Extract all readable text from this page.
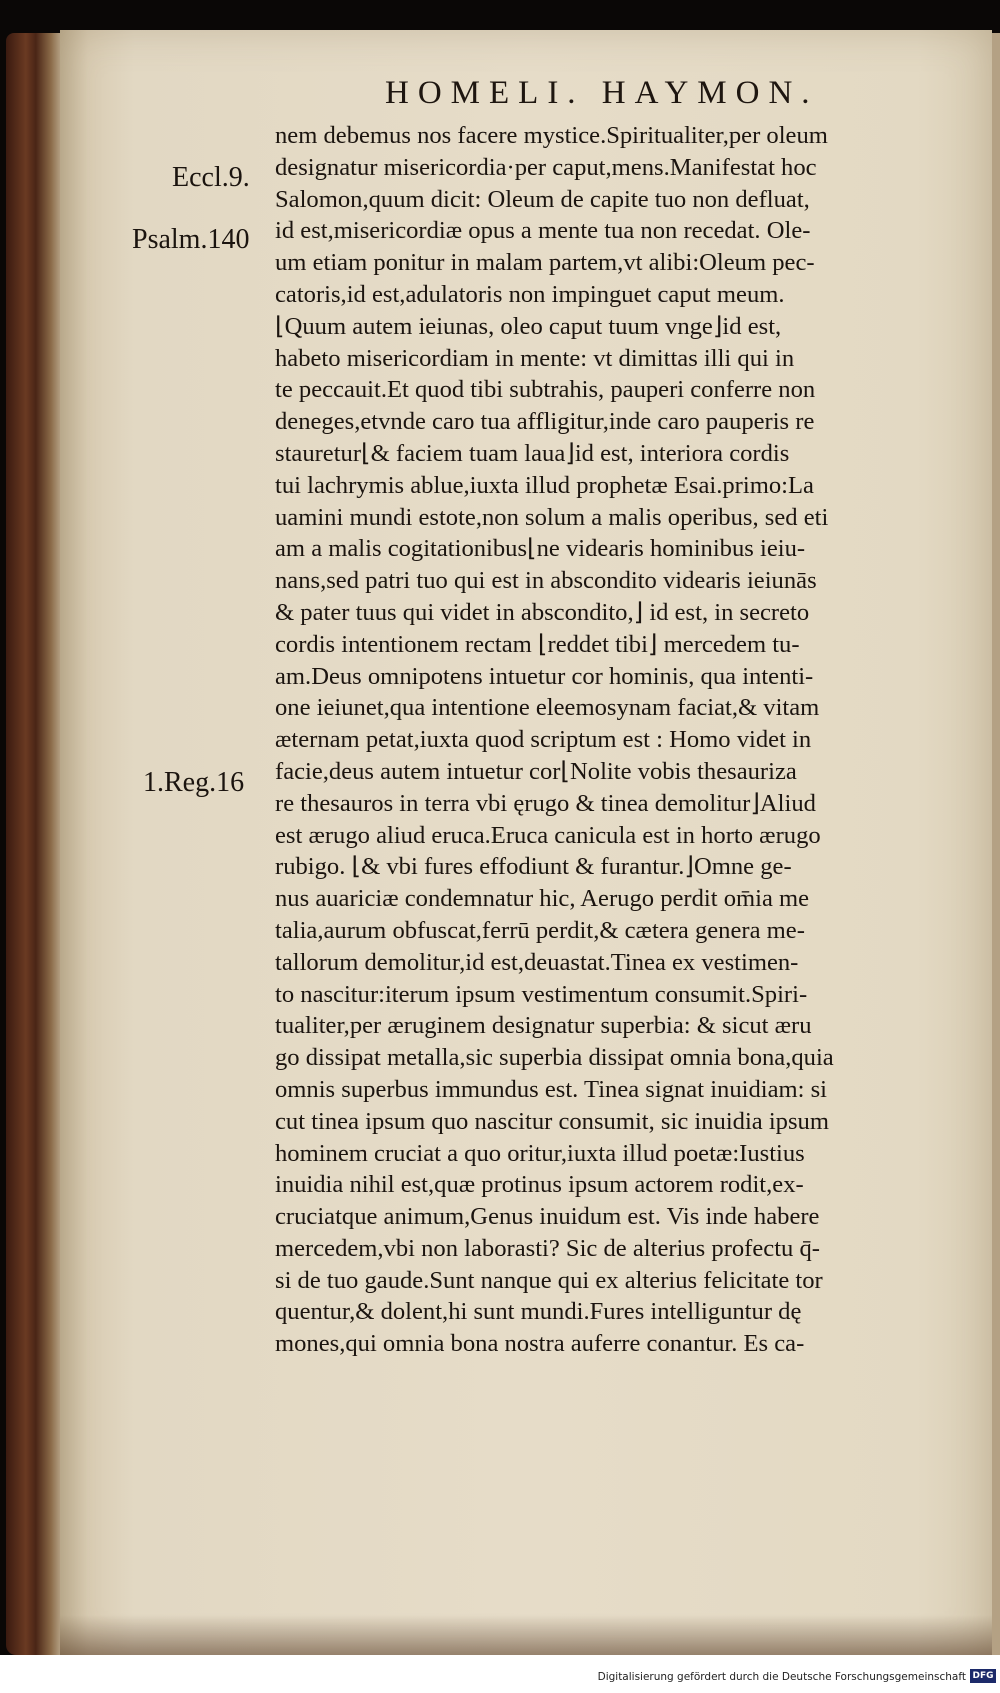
HOMELI. HAYMON.
Eccl.9.
Psalm.140
1.Reg.16
nem debemus nos facere mystice.Spiritualiter,per oleum
designatur misericordia·per caput,mens.Manifestat hoc
Salomon,quum dicit: Oleum de capite tuo non defluat,
id est,misericordiæ opus a mente tua non recedat. Ole-
um etiam ponitur in malam partem,vt alibi:Oleum pec-
catoris,id est,adulatoris non impinguet caput meum.
⌊Quum autem ieiunas, oleo caput tuum vnge⌋id est,
habeto misericordiam in mente: vt dimittas illi qui in
te peccauit.Et quod tibi subtrahis, pauperi conferre non
deneges,etvnde caro tua affligitur,inde caro pauperis re
stauretur⌊& faciem tuam laua⌋id est, interiora cordis
tui lachrymis ablue,iuxta illud prophetæ Esai.primo:La
uamini mundi estote,non solum a malis operibus, sed eti
am a malis cogitationibus⌊ne videaris hominibus ieiu-
nans,sed patri tuo qui est in abscondito videaris ieiunās
& pater tuus qui videt in abscondito,⌋ id est, in secreto
cordis intentionem rectam ⌊reddet tibi⌋ mercedem tu-
am.Deus omnipotens intuetur cor hominis, qua intenti-
one ieiunet,qua intentione eleemosynam faciat,& vitam
æternam petat,iuxta quod scriptum est : Homo videt in
facie,deus autem intuetur cor⌊Nolite vobis thesauriza
re thesauros in terra vbi ęrugo & tinea demolitur⌋Aliud
est ærugo aliud eruca.Eruca canicula est in horto ærugo
rubigo. ⌊& vbi fures effodiunt & furantur.⌋Omne ge-
nus auariciæ condemnatur hic, Aerugo perdit om̄ia me
talia,aurum obfuscat,ferrū perdit,& cætera genera me-
tallorum demolitur,id est,deuastat.Tinea ex vestimen-
to nascitur:iterum ipsum vestimentum consumit.Spiri-
tualiter,per æruginem designatur superbia: & sicut æru
go dissipat metalla,sic superbia dissipat omnia bona,quia
omnis superbus immundus est. Tinea signat inuidiam: si
cut tinea ipsum quo nascitur consumit, sic inuidia ipsum
hominem cruciat a quo oritur,iuxta illud poetæ:Iustius
inuidia nihil est,quæ protinus ipsum actorem rodit,ex-
cruciatque animum,Genus inuidum est. Vis inde habere
mercedem,vbi non laborasti? Sic de alterius profectu q̄-
si de tuo gaude.Sunt nanque qui ex alterius felicitate tor
quentur,& dolent,hi sunt mundi.Fures intelliguntur dę
mones,qui omnia bona nostra auferre conantur. Es ca-
Digitalisierung gefördert durch die Deutsche Forschungsgemeinschaft DFG
